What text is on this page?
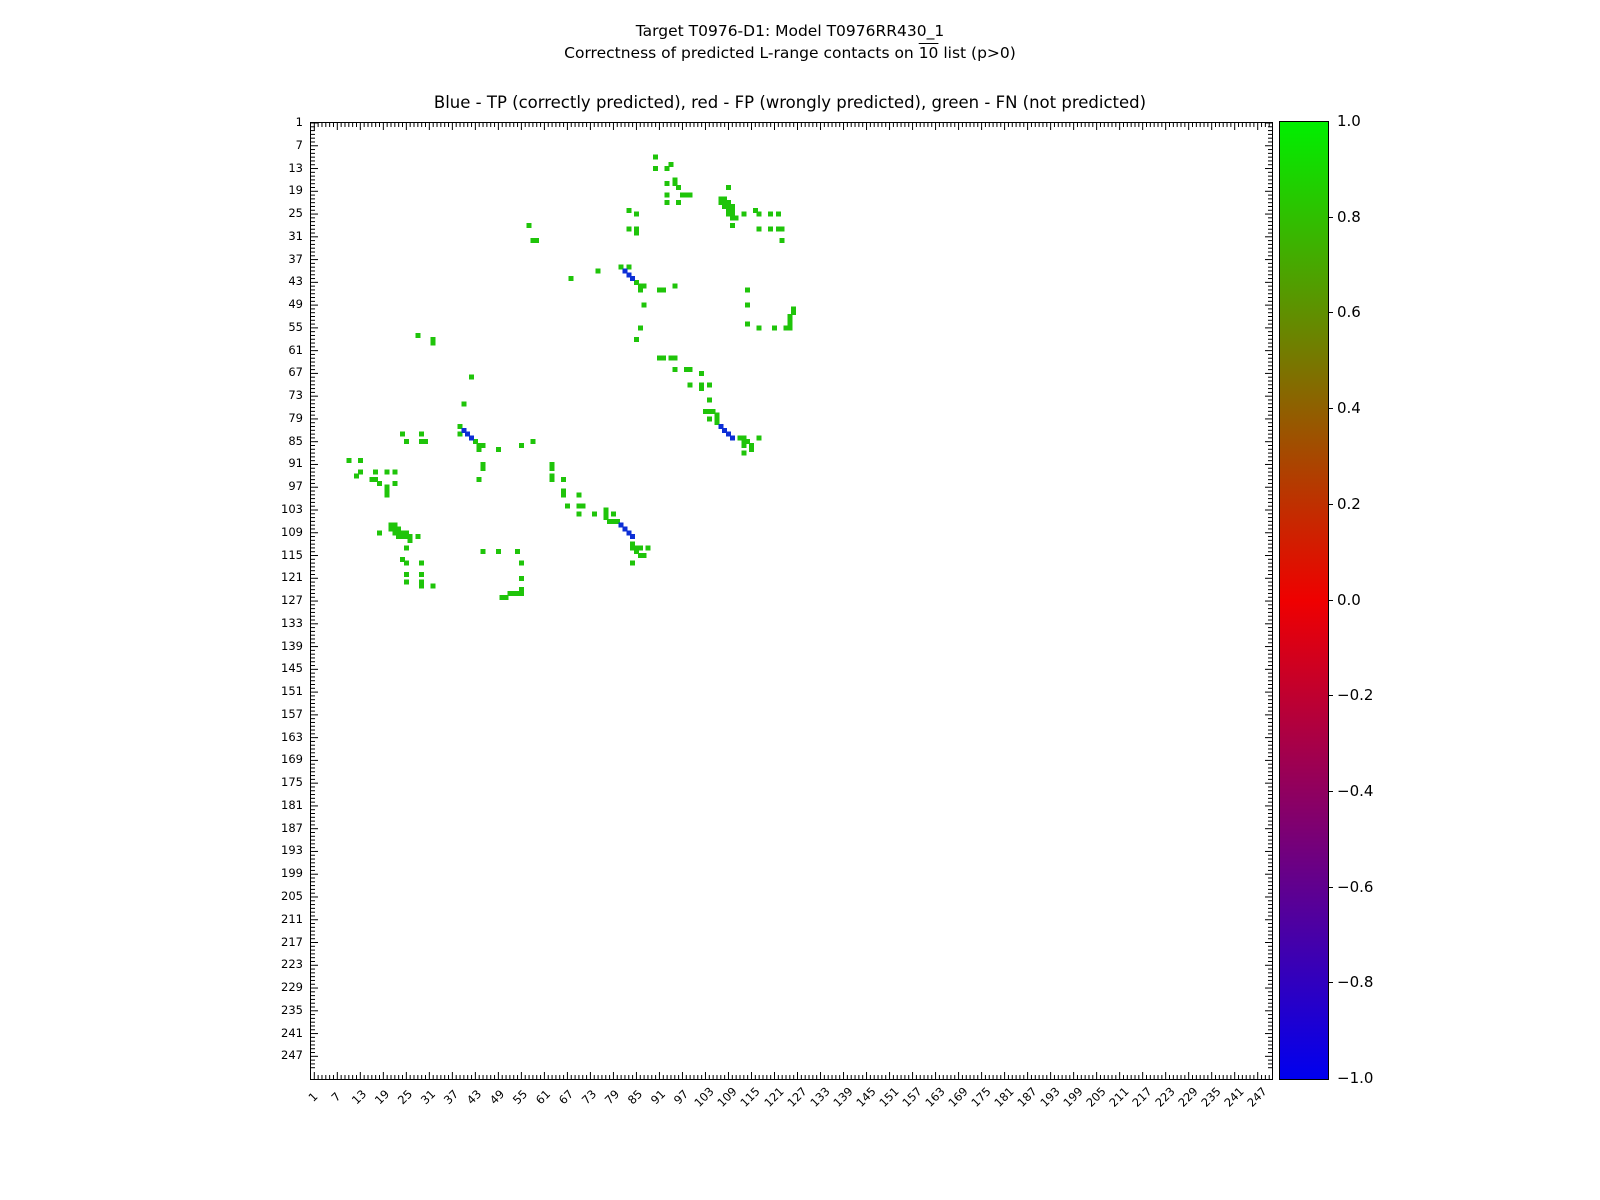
Target T0976-D1: Model T0976RR430_1
Correctness of predicted L-range contacts on 10 list (p>0)
Blue - TP (correctly predicted), red - FP (wrongly predicted), green - FN (not predicted)
1
7
13
19
25
31
37
43
49
55
61
67
73
79
85
91
97
103
109
115
121
127
133
139
145
151
157
163
169
175
181
187
193
199
205
211
217
223
229
235
241
247
1 7 13 19 25 31 37 43 49 55 61 67 73 79 85 91 97 103
109
115
121
127
133
139
145
151
157
163
169
175
181
187
193
199
205
211
217
223
229
235
241
247
1.0
0.8
0.6
0.4
0.2
0.0
−0.2
−0.4
−0.6
−0.8
−1.0
